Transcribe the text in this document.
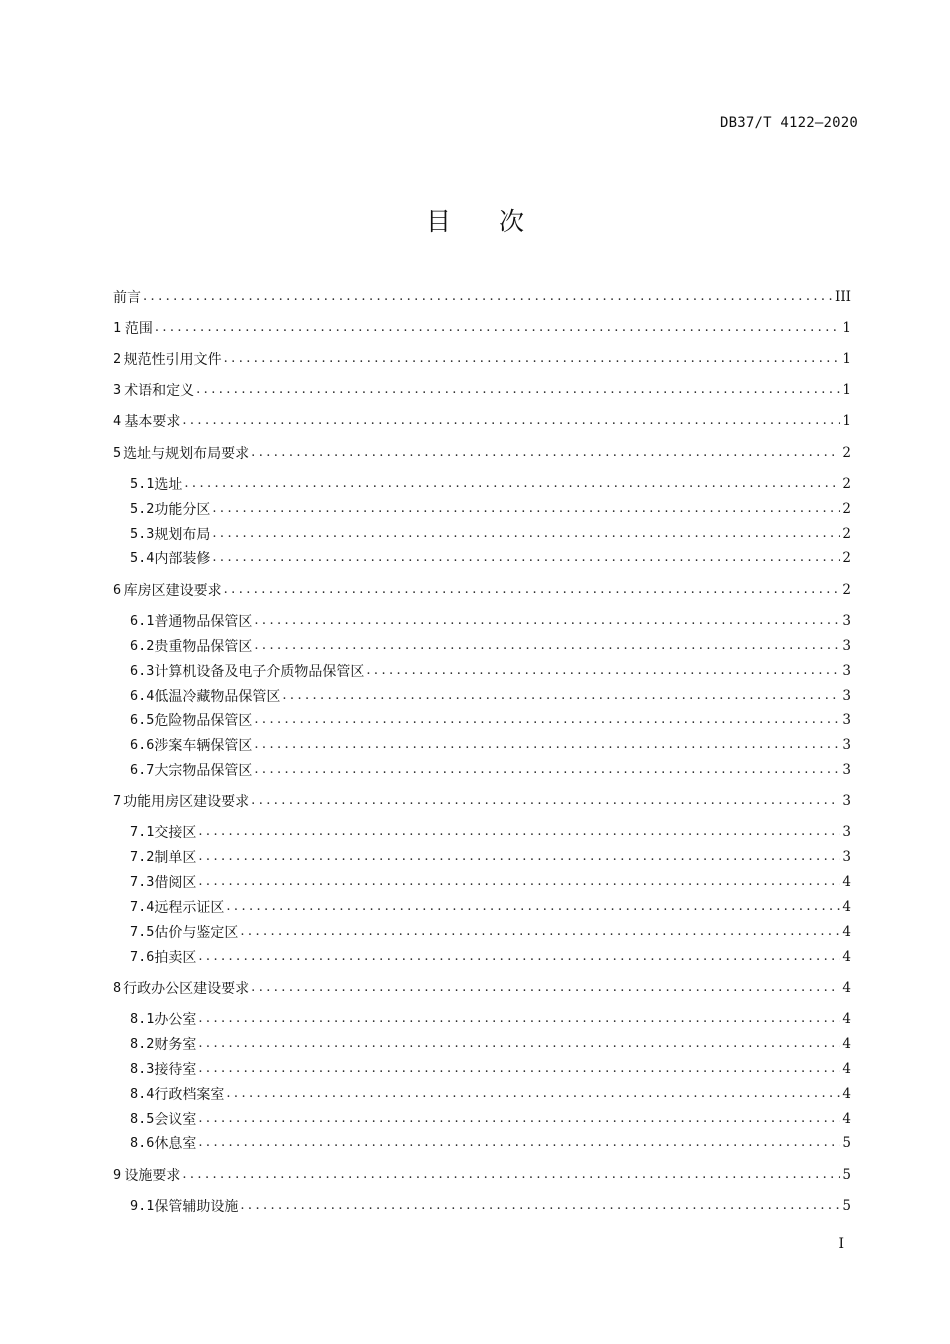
DB37/T 4122—2020
目 次
前言 .....	III
1 范围 .....	1
2 规范性引用文件 .....	1
3 术语和定义 .....	1
4 基本要求 .....	1
5 选址与规划布局要求 .....	2
5.1 选址 .....	2
5.2 功能分区 .....	2
5.3 规划布局 .....	2
5.4 内部装修 .....	2
6 库房区建设要求 .....	2
6.1 普通物品保管区 .....	3
6.2 贵重物品保管区 .....	3
6.3 计算机设备及电子介质物品保管区 .....	3
6.4 低温冷藏物品保管区 .....	3
6.5 危险物品保管区 .....	3
6.6 涉案车辆保管区 .....	3
6.7 大宗物品保管区 .....	3
7 功能用房区建设要求 .....	3
7.1 交接区 .....	3
7.2 制单区 .....	3
7.3 借阅区 .....	4
7.4 远程示证区 .....	4
7.5 估价与鉴定区 .....	4
7.6 拍卖区 .....	4
8 行政办公区建设要求 .....	4
8.1 办公室 .....	4
8.2 财务室 .....	4
8.3 接待室 .....	4
8.4 行政档案室 .....	4
8.5 会议室 .....	4
8.6 休息室 .....	5
9 设施要求 .....	5
9.1 保管辅助设施 .....	5
I
